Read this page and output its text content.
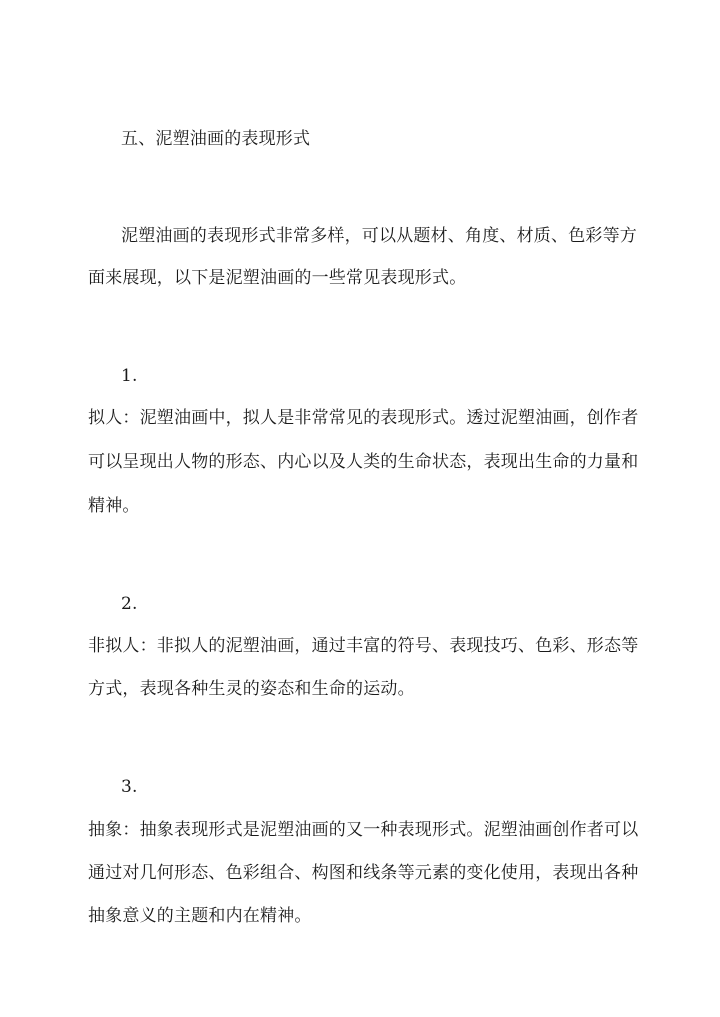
五、泥塑油画的表现形式
泥塑油画的表现形式非常多样，可以从题材、角度、材质、色彩等方
面来展现，以下是泥塑油画的一些常见表现形式。
1.
拟人：泥塑油画中，拟人是非常常见的表现形式。透过泥塑油画，创作者
可以呈现出人物的形态、内心以及人类的生命状态，表现出生命的力量和
精神。
2.
非拟人：非拟人的泥塑油画，通过丰富的符号、表现技巧、色彩、形态等
方式，表现各种生灵的姿态和生命的运动。
3.
抽象：抽象表现形式是泥塑油画的又一种表现形式。泥塑油画创作者可以
通过对几何形态、色彩组合、构图和线条等元素的变化使用，表现出各种
抽象意义的主题和内在精神。
